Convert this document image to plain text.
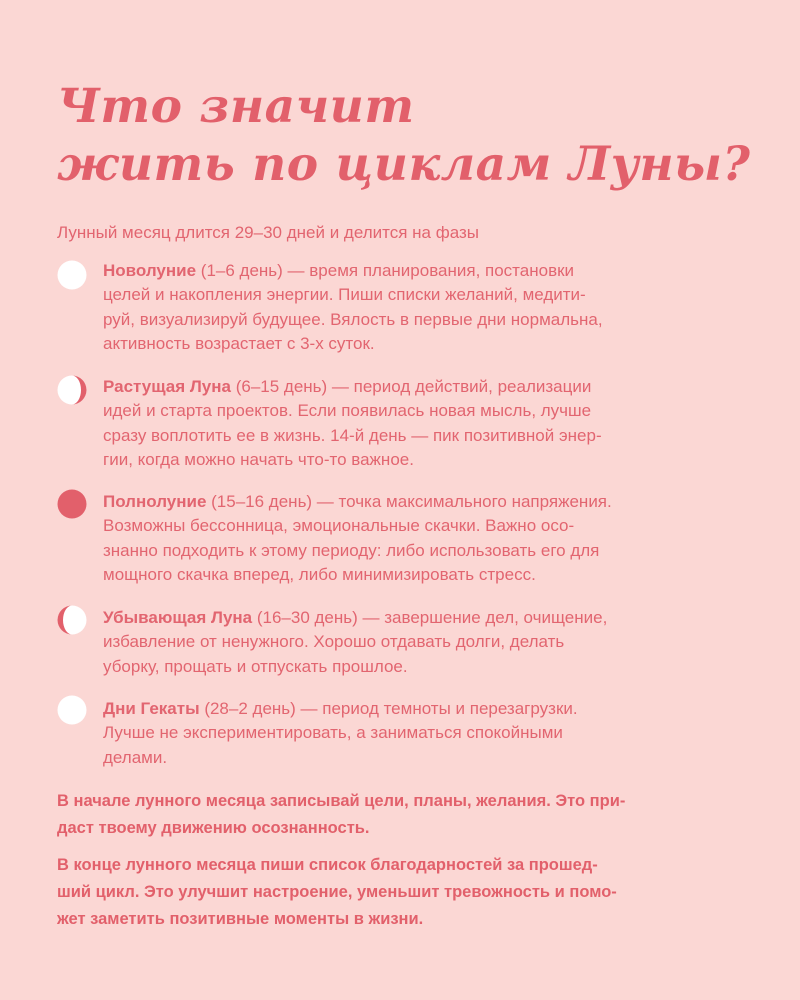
Что значит
жить по циклам Луны?
Лунный месяц длится 29–30 дней и делится на фазы
Новолуние (1–6 день) — время планирования, постановки
целей и накопления энергии. Пиши списки желаний, медити-
руй, визуализируй будущее. Вялость в первые дни нормальна,
активность возрастает с 3-х суток.
Растущая Луна (6–15 день) — период действий, реализации
идей и старта проектов. Если появилась новая мысль, лучше
сразу воплотить ее в жизнь. 14-й день — пик позитивной энер-
гии, когда можно начать что-то важное.
Полнолуние (15–16 день) — точка максимального напряжения.
Возможны бессонница, эмоциональные скачки. Важно осо-
знанно подходить к этому периоду: либо использовать его для
мощного скачка вперед, либо минимизировать стресс.
Убывающая Луна (16–30 день) — завершение дел, очищение,
избавление от ненужного. Хорошо отдавать долги, делать
уборку, прощать и отпускать прошлое.
Дни Гекаты (28–2 день) — период темноты и перезагрузки.
Лучше не экспериментировать, а заниматься спокойными
делами.
В начале лунного месяца записывай цели, планы, желания. Это при-
даст твоему движению осознанность.
В конце лунного месяца пиши список благодарностей за прошед-
ший цикл. Это улучшит настроение, уменьшит тревожность и помо-
жет заметить позитивные моменты в жизни.
